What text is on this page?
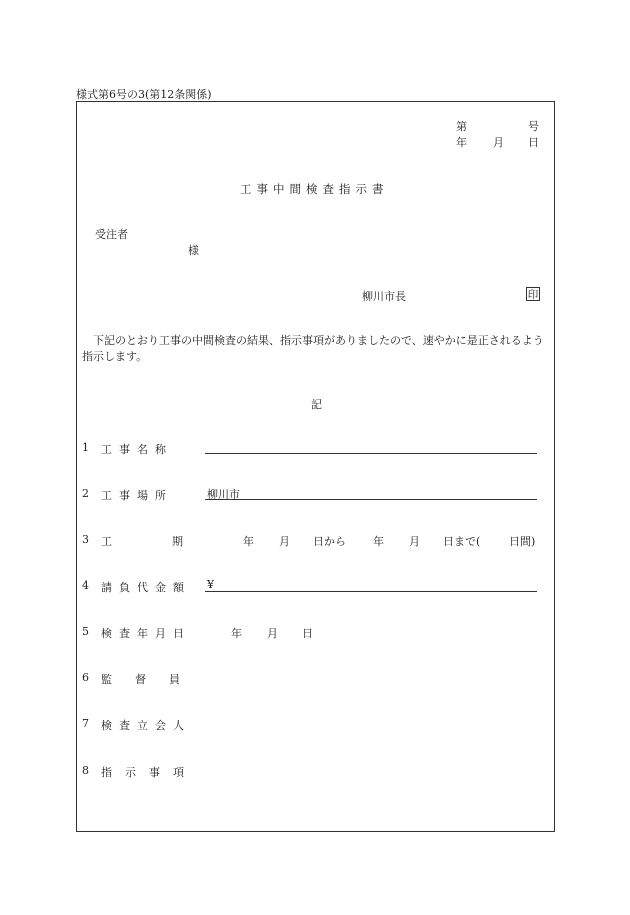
様式第6号の3(第12条関係)
第	号
年 月 日
工事中間検査指示書
受注者
様
柳川市長	印
下記のとおり工事の中間検査の結果、指示事項がありましたので、速やかに是正されるよう指示します。
記
1 工事名称
2 工事場所	柳川市
3 工	期	年 月 日から 年 月 日まで(	日間)
4 請負代金額 ¥
5 検査年月日	年 月 日
6 監督員
7 検査立会人
8 指示事項
